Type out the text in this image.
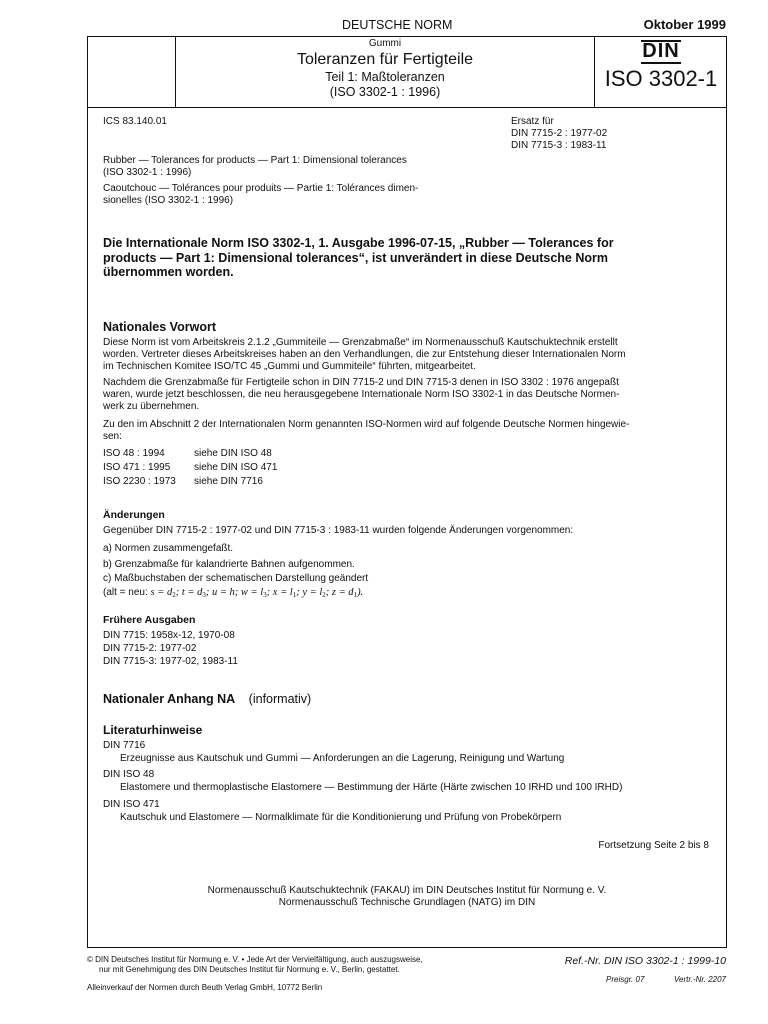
DEUTSCHE NORM	Oktober 1999
Gummi
Toleranzen für Fertigteile
Teil 1: Maßtoleranzen
(ISO 3302-1 : 1996)
DIN
ISO 3302-1
ICS 83.140.01	Ersatz für
DIN 7715-2 : 1977-02
DIN 7715-3 : 1983-11
Rubber — Tolerances for products — Part 1: Dimensional tolerances
(ISO 3302-1 : 1996)
Caoutchouc — Tolérances pour produits — Partie 1: Tolérances dimen-
sionelles (ISO 3302-1 : 1996)
Die Internationale Norm ISO 3302-1, 1. Ausgabe 1996-07-15, „Rubber — Tolerances for
products — Part 1: Dimensional tolerances“, ist unverändert in diese Deutsche Norm
übernommen worden.
Nationales Vorwort
Diese Norm ist vom Arbeitskreis 2.1.2 „Gummiteile — Grenzabmaße“ im Normenausschuß Kautschuktechnik erstellt
worden. Vertreter dieses Arbeitskreises haben an den Verhandlungen, die zur Entstehung dieser Internationalen Norm
im Technischen Komitee ISO/TC 45 „Gummi und Gummiteile“ führten, mitgearbeitet.
Nachdem die Grenzabmaße für Fertigteile schon in DIN 7715-2 und DIN 7715-3 denen in ISO 3302 : 1976 angepaßt
waren, wurde jetzt beschlossen, die neu herausgegebene Internationale Norm ISO 3302-1 in das Deutsche Normen-
werk zu übernehmen.
Zu den im Abschnitt 2 der Internationalen Norm genannten ISO-Normen wird auf folgende Deutsche Normen hingewie-
sen:
ISO 48 : 1994	siehe DIN ISO 48
ISO 471 : 1995 siehe DIN ISO 471
ISO 2230 : 1973 siehe DIN 7716
Änderungen
Gegenüber DIN 7715-2 : 1977-02 und DIN 7715-3 : 1983-11 wurden folgende Änderungen vorgenommen:
a) Normen zusammengefaßt.
b) Grenzabmaße für kalandrierte Bahnen aufgenommen.
c) Maßbuchstaben der schematischen Darstellung geändert
(alt = neu: $s = d_2$; $t = d_3$; u = h; $w = l_3$; $x = l_1$; $y = l_2$; $z = d_1$).
Frühere Ausgaben
DIN 7715: 1958x-12, 1970-08
DIN 7715-2: 1977-02
DIN 7715-3: 1977-02, 1983-11
Nationaler Anhang NA (informativ)
Literaturhinweise
DIN 7716
Erzeugnisse aus Kautschuk und Gummi — Anforderungen an die Lagerung, Reinigung und Wartung
DIN ISO 48
Elastomere und thermoplastische Elastomere — Bestimmung der Härte (Härte zwischen 10 IRHD und 100 IRHD)
DIN ISO 471
Kautschuk und Elastomere — Normalklimate für die Konditionierung und Prüfung von Probekörpern
Fortsetzung Seite 2 bis 8
Normenausschuß Kautschuktechnik (FAKAU) im DIN Deutsches Institut für Normung e. V.
Normenausschuß Technische Grundlagen (NATG) im DIN
© DIN Deutsches Institut für Normung e. V. • Jede Art der Vervielfältigung, auch auszugsweise,
nur mit Genehmigung des DIN Deutsches Institut für Normung e. V., Berlin, gestattet.
Ref.-Nr. DIN ISO 3302-1 : 1999-10
Preisgr. 07	Vertr.-Nr. 2207
Alleinverkauf der Normen durch Beuth Verlag GmbH, 10772 Berlin
